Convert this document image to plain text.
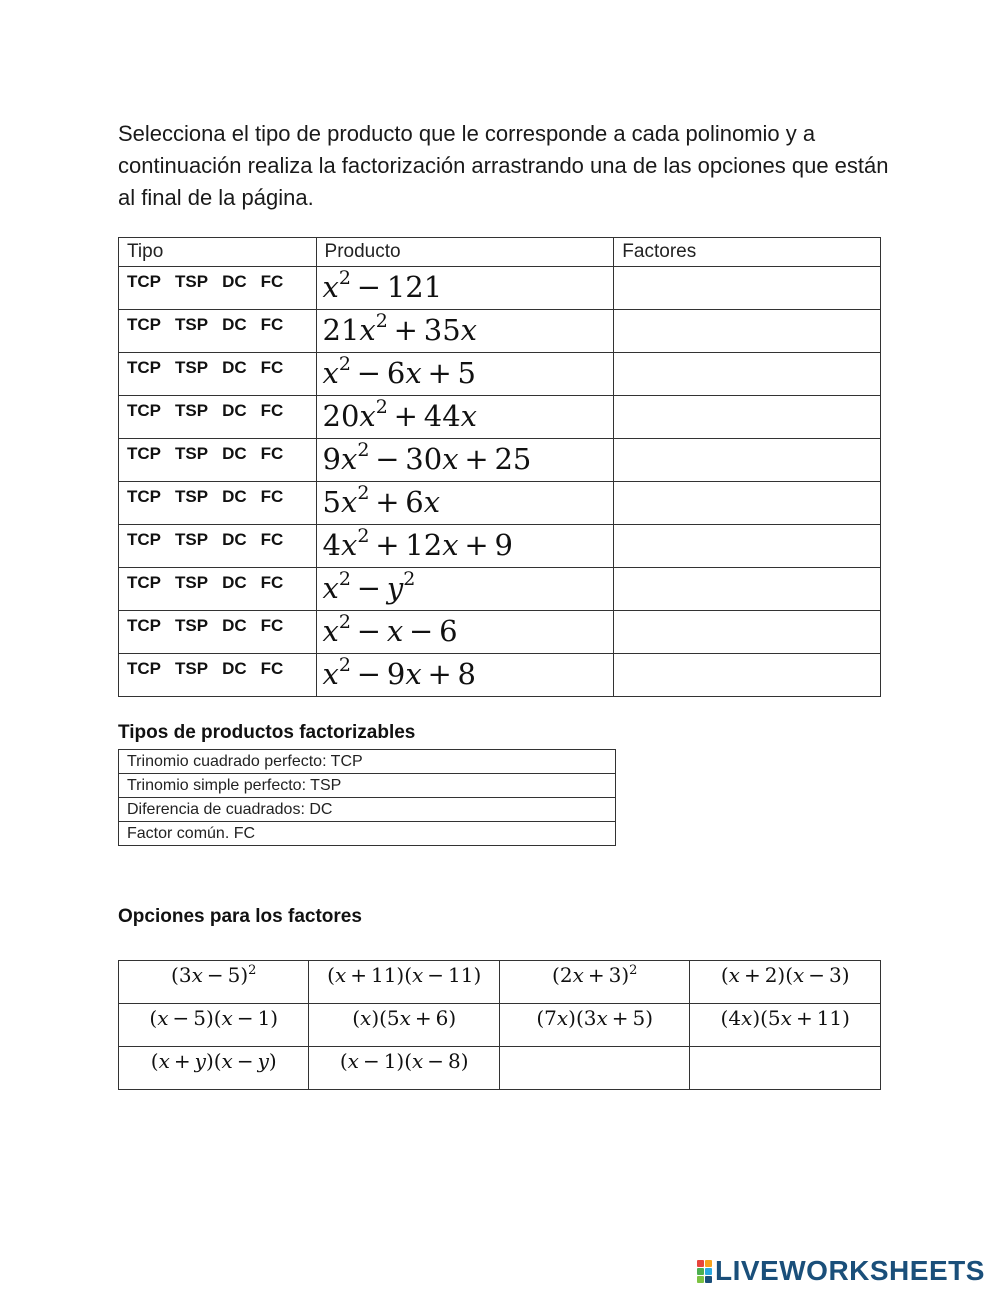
Selecciona el tipo de producto que le corresponde a cada polinomio y a continuación realiza la factorización arrastrando una de las opciones que están al final de la página.
Tipo	Producto	Factores

TCP TSP DC FC	$x^2 - 121$	

TCP TSP DC FC	$21x^2 + 35x$	

TCP TSP DC FC	$x^2 - 6x + 5$	

TCP TSP DC FC	$20x^2 + 44x$	

TCP TSP DC FC	$9x^2 - 30x + 25$	

TCP TSP DC FC	$5x^2 + 6x$	

TCP TSP DC FC	$4x^2 + 12x + 9$	

TCP TSP DC FC	$x^2 - y^2$

TCP TSP DC FC	$x^2 - x - 6$	

TCP TSP DC FC	$x^2 - 9x + 8$	

Tipos de productos factorizables
Trinomio cuadrado perfecto: TCP
Trinomio simple perfecto: TSP
Diferencia de cuadrados: DC
Factor común. FC
Opciones para los factores
$(3x - 5)^2$	(x + 11)(x − 11)	$(2x + 3)^2$	(x + 2)(x − 3)
(x − 5)(x − 1)	(x)(5x + 6)	(7x)(3x + 5)	(4x)(5x + 11)
(x + y)(x − y)	(x − 1)(x − 8)		
LIVEWORKSHEETS
